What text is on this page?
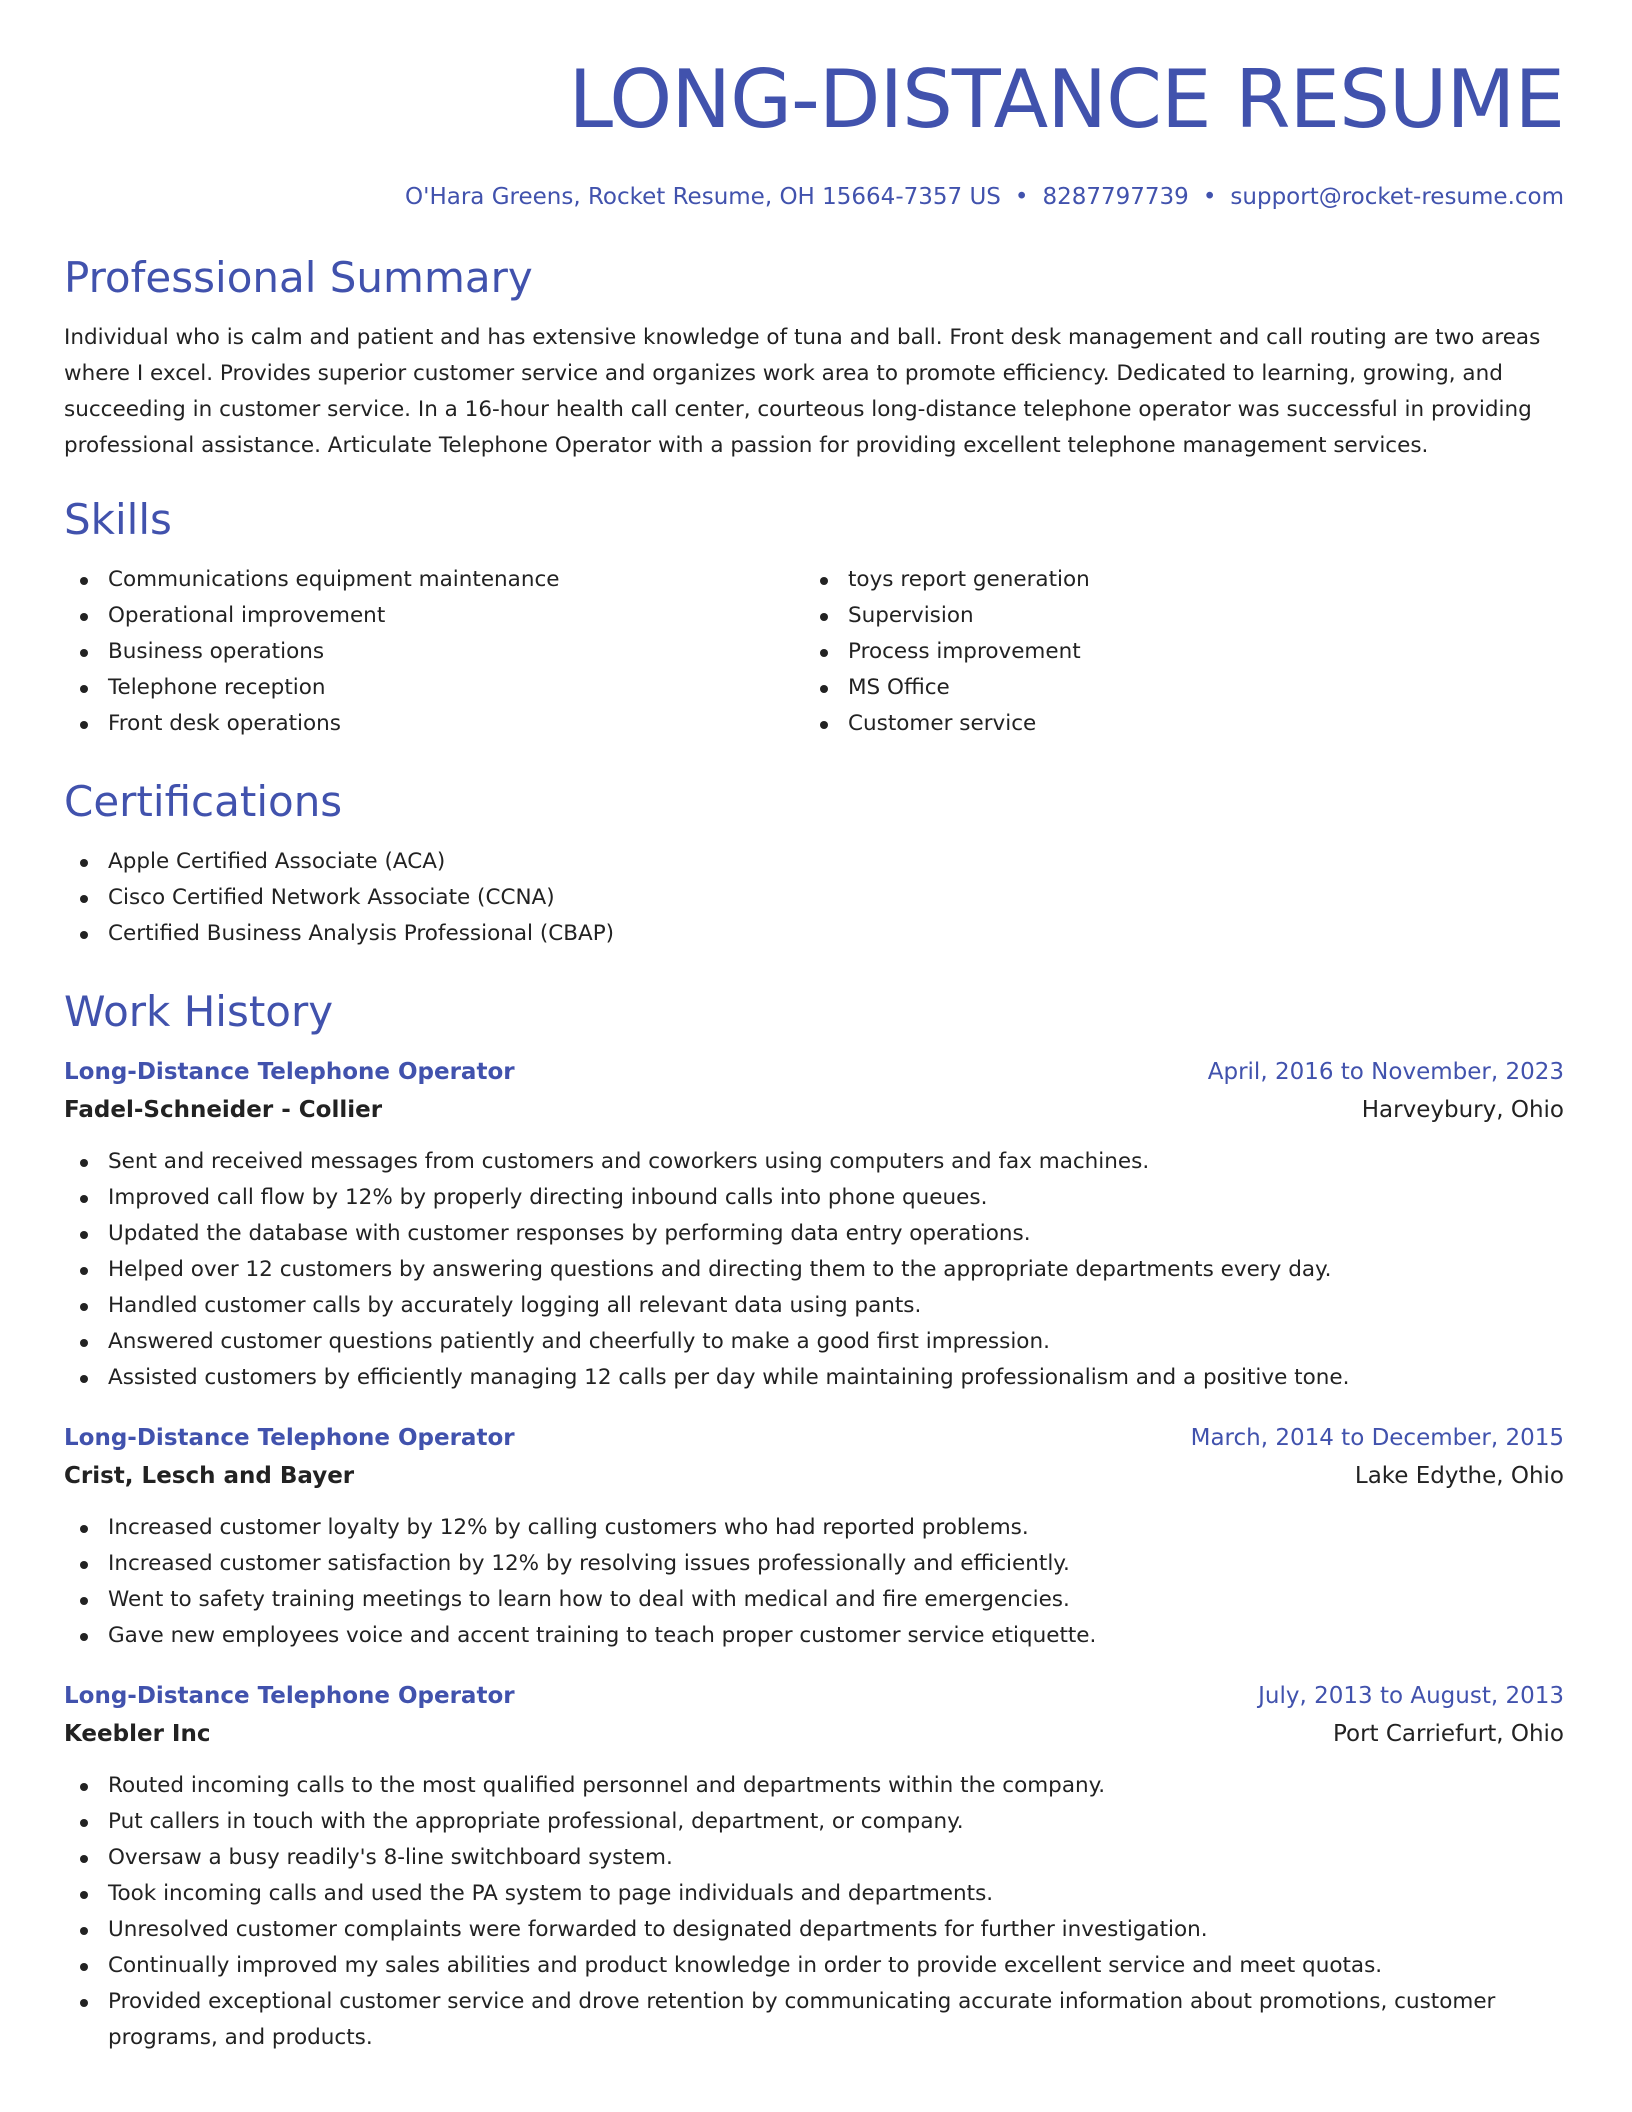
LONG-DISTANCE RESUME
O'Hara Greens, Rocket Resume, OH 15664-7357 US • 8287797739 • support@rocket-resume.com
Professional Summary

Individual who is calm and patient and has extensive knowledge of tuna and ball. Front desk management and call routing are two areas where I excel. Provides superior customer service and organizes work area to promote efficiency. Dedicated to learning, growing, and succeeding in customer service. In a 16-hour health call center, courteous long-distance telephone operator was successful in providing professional assistance. Articulate Telephone Operator with a passion for providing excellent telephone management services.

Skills
Communications equipment maintenance
Operational improvement
Business operations
Telephone reception
Front desk operations
toys report generation
Supervision
Process improvement
MS Office
Customer service
Certifications
Apple Certified Associate (ACA)
Cisco Certified Network Associate (CCNA)
Certified Business Analysis Professional (CBAP)
Work History
Long-Distance Telephone Operator	April, 2016 to November, 2023
Fadel-Schneider - Collier	Harveybury, Ohio
Sent and received messages from customers and coworkers using computers and fax machines.
Improved call flow by 12% by properly directing inbound calls into phone queues.
Updated the database with customer responses by performing data entry operations.
Helped over 12 customers by answering questions and directing them to the appropriate departments every day.
Handled customer calls by accurately logging all relevant data using pants.
Answered customer questions patiently and cheerfully to make a good first impression.
Assisted customers by efficiently managing 12 calls per day while maintaining professionalism and a positive tone.
Long-Distance Telephone Operator	March, 2014 to December, 2015
Crist, Lesch and Bayer	Lake Edythe, Ohio
Increased customer loyalty by 12% by calling customers who had reported problems.
Increased customer satisfaction by 12% by resolving issues professionally and efficiently.
Went to safety training meetings to learn how to deal with medical and fire emergencies.
Gave new employees voice and accent training to teach proper customer service etiquette.
Long-Distance Telephone Operator	July, 2013 to August, 2013
Keebler Inc	Port Carriefurt, Ohio
Routed incoming calls to the most qualified personnel and departments within the company.
Put callers in touch with the appropriate professional, department, or company.
Oversaw a busy readily's 8-line switchboard system.
Took incoming calls and used the PA system to page individuals and departments.
Unresolved customer complaints were forwarded to designated departments for further investigation.
Continually improved my sales abilities and product knowledge in order to provide excellent service and meet quotas.
Provided exceptional customer service and drove retention by communicating accurate information about promotions, customer programs, and products.
